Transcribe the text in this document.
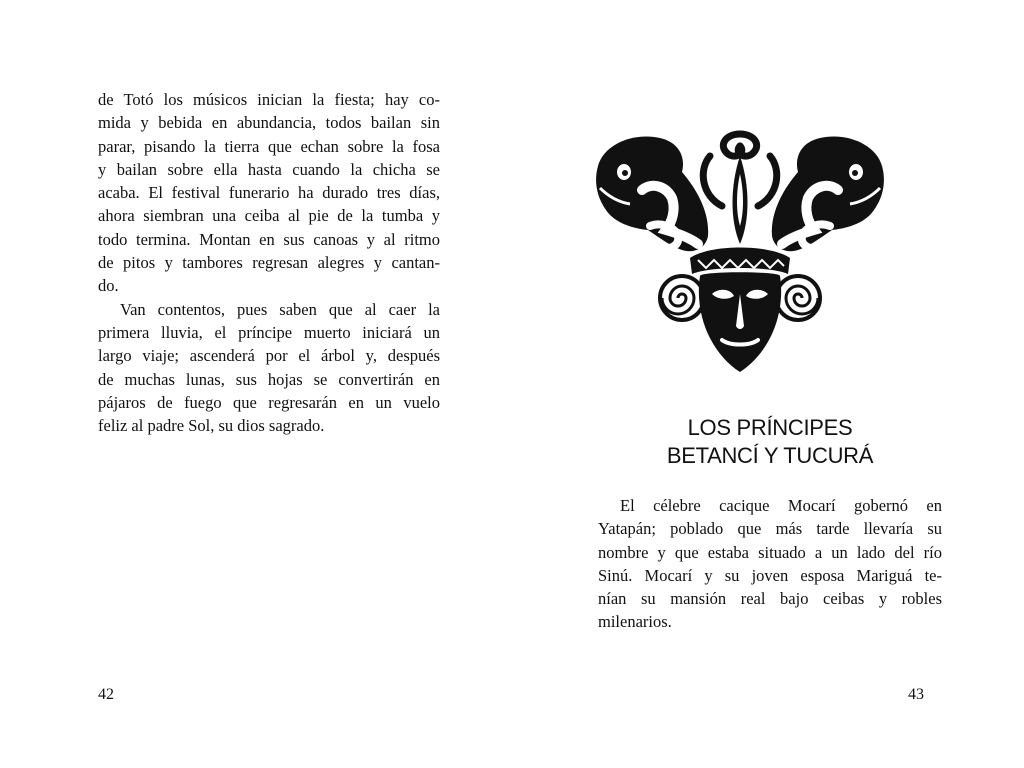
de Totó los músicos inician la fiesta; hay co-
mida y bebida en abundancia, todos bailan sin
parar, pisando la tierra que echan sobre la fosa
y bailan sobre ella hasta cuando la chicha se
acaba. El festival funerario ha durado tres días,
ahora siembran una ceiba al pie de la tumba y
todo termina. Montan en sus canoas y al ritmo
de pitos y tambores regresan alegres y cantan-
do.

Van contentos, pues saben que al caer la
primera lluvia, el príncipe muerto iniciará un
largo viaje; ascenderá por el árbol y, después
de muchas lunas, sus hojas se convertirán en
pájaros de fuego que regresarán en un vuelo
feliz al padre Sol, su dios sagrado.

42
LOS PRÍNCIPES
BETANCÍ Y TUCURÁ

El célebre cacique Mocarí gobernó en
Yatapán; poblado que más tarde llevaría su
nombre y que estaba situado a un lado del río
Sinú. Mocarí y su joven esposa Mariguá te-
nían su mansión real bajo ceibas y robles
milenarios.

43
